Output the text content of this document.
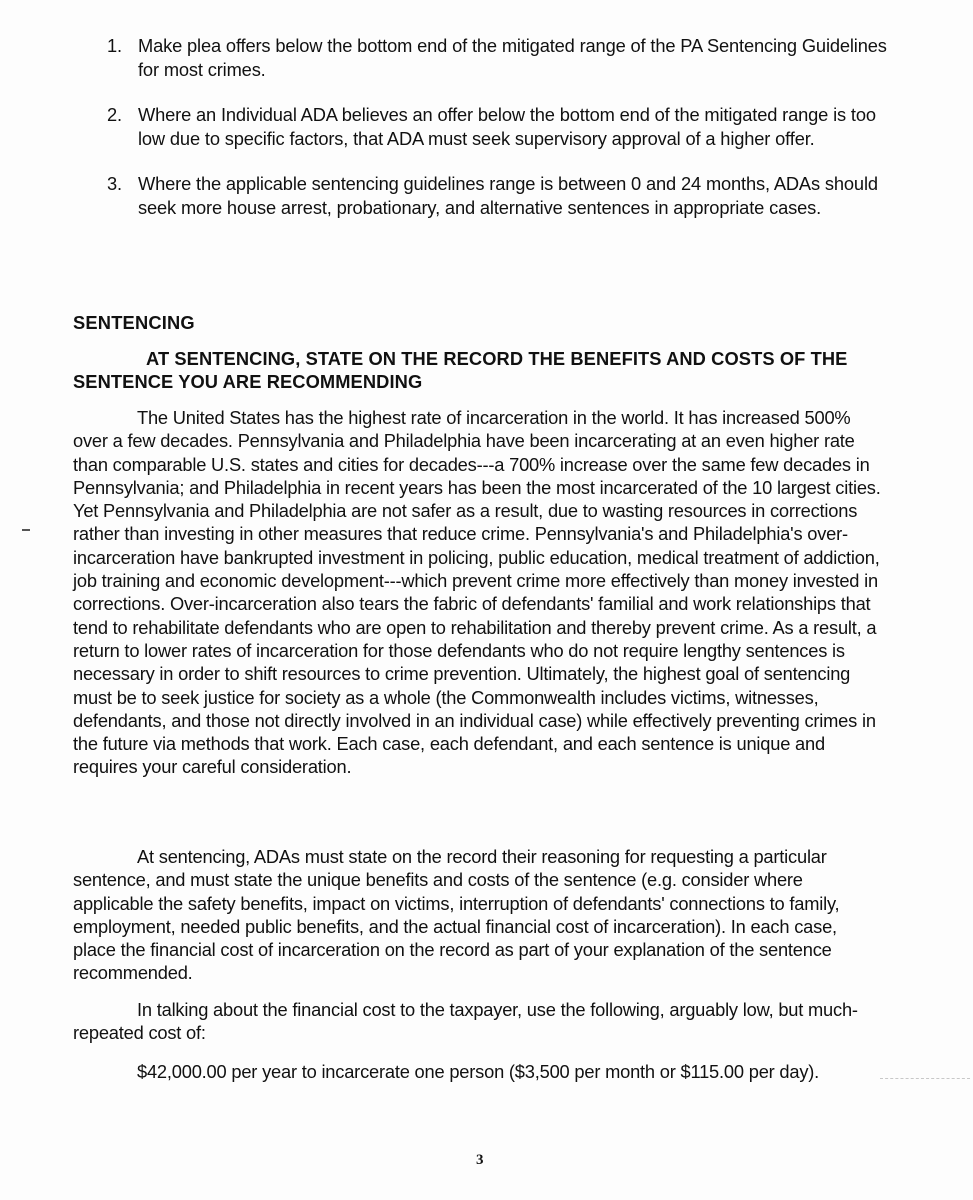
1. Make plea offers below the bottom end of the mitigated range of the PA Sentencing Guidelines for most crimes.
2. Where an Individual ADA believes an offer below the bottom end of the mitigated range is too low due to specific factors, that ADA must seek supervisory approval of a higher offer.
3. Where the applicable sentencing guidelines range is between 0 and 24 months, ADAs should seek more house arrest, probationary, and alternative sentences in appropriate cases.
SENTENCING
AT SENTENCING, STATE ON THE RECORD THE BENEFITS AND COSTS OF THE SENTENCE YOU ARE RECOMMENDING

The United States has the highest rate of incarceration in the world. It has increased 500% over a few decades. Pennsylvania and Philadelphia have been incarcerating at an even higher rate than comparable U.S. states and cities for decades---a 700% increase over the same few decades in Pennsylvania; and Philadelphia in recent years has been the most incarcerated of the 10 largest cities. Yet Pennsylvania and Philadelphia are not safer as a result, due to wasting resources in corrections rather than investing in other measures that reduce crime. Pennsylvania's and Philadelphia's over-incarceration have bankrupted investment in policing, public education, medical treatment of addiction, job training and economic development---which prevent crime more effectively than money invested in corrections. Over-incarceration also tears the fabric of defendants' familial and work relationships that tend to rehabilitate defendants who are open to rehabilitation and thereby prevent crime. As a result, a return to lower rates of incarceration for those defendants who do not require lengthy sentences is necessary in order to shift resources to crime prevention. Ultimately, the highest goal of sentencing must be to seek justice for society as a whole (the Commonwealth includes victims, witnesses, defendants, and those not directly involved in an individual case) while effectively preventing crimes in the future via methods that work. Each case, each defendant, and each sentence is unique and requires your careful consideration.

At sentencing, ADAs must state on the record their reasoning for requesting a particular sentence, and must state the unique benefits and costs of the sentence (e.g. consider where applicable the safety benefits, impact on victims, interruption of defendants' connections to family, employment, needed public benefits, and the actual financial cost of incarceration). In each case, place the financial cost of incarceration on the record as part of your explanation of the sentence recommended.

In talking about the financial cost to the taxpayer, use the following, arguably low, but much-repeated cost of:

$42,000.00 per year to incarcerate one person ($3,500 per month or $115.00 per day).

3
